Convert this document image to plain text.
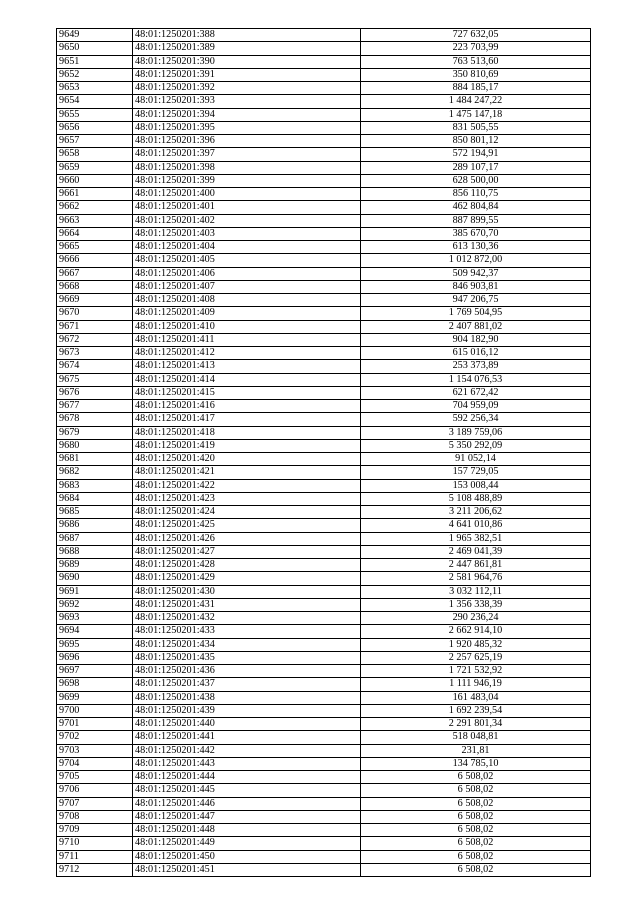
9649	48:01:1250201:388	727 632,05
9650	48:01:1250201:389	223 703,99
9651	48:01:1250201:390	763 513,60
9652	48:01:1250201:391	350 810,69
9653	48:01:1250201:392	884 185,17
9654	48:01:1250201:393	1 484 247,22
9655	48:01:1250201:394	1 475 147,18
9656	48:01:1250201:395	831 505,55
9657	48:01:1250201:396	850 801,12
9658	48:01:1250201:397	572 194,91
9659	48:01:1250201:398	289 107,17
9660	48:01:1250201:399	628 500,00
9661	48:01:1250201:400	856 110,75
9662	48:01:1250201:401	462 804,84
9663	48:01:1250201:402	887 899,55
9664	48:01:1250201:403	385 670,70
9665	48:01:1250201:404	613 130,36
9666	48:01:1250201:405	1 012 872,00
9667	48:01:1250201:406	509 942,37
9668	48:01:1250201:407	846 903,81
9669	48:01:1250201:408	947 206,75
9670	48:01:1250201:409	1 769 504,95
9671	48:01:1250201:410	2 407 881,02
9672	48:01:1250201:411	904 182,90
9673	48:01:1250201:412	615 016,12
9674	48:01:1250201:413	253 373,89
9675	48:01:1250201:414	1 154 076,53
9676	48:01:1250201:415	621 672,42
9677	48:01:1250201:416	704 959,09
9678	48:01:1250201:417	592 256,34
9679	48:01:1250201:418	3 189 759,06
9680	48:01:1250201:419	5 350 292,09
9681	48:01:1250201:420	91 052,14
9682	48:01:1250201:421	157 729,05
9683	48:01:1250201:422	153 008,44
9684	48:01:1250201:423	5 108 488,89
9685	48:01:1250201:424	3 211 206,62
9686	48:01:1250201:425	4 641 010,86
9687	48:01:1250201:426	1 965 382,51
9688	48:01:1250201:427	2 469 041,39
9689	48:01:1250201:428	2 447 861,81
9690	48:01:1250201:429	2 581 964,76
9691	48:01:1250201:430	3 032 112,11
9692	48:01:1250201:431	1 356 338,39
9693	48:01:1250201:432	290 236,24
9694	48:01:1250201:433	2 662 914,10
9695	48:01:1250201:434	1 920 485,32
9696	48:01:1250201:435	2 257 625,19
9697	48:01:1250201:436	1 721 532,92
9698	48:01:1250201:437	1 111 946,19
9699	48:01:1250201:438	161 483,04
9700	48:01:1250201:439	1 692 239,54
9701	48:01:1250201:440	2 291 801,34
9702	48:01:1250201:441	518 048,81
9703	48:01:1250201:442	231,81
9704	48:01:1250201:443	134 785,10
9705	48:01:1250201:444	6 508,02
9706	48:01:1250201:445	6 508,02
9707	48:01:1250201:446	6 508,02
9708	48:01:1250201:447	6 508,02
9709	48:01:1250201:448	6 508,02
9710	48:01:1250201:449	6 508,02
9711	48:01:1250201:450	6 508,02
9712	48:01:1250201:451	6 508,02
